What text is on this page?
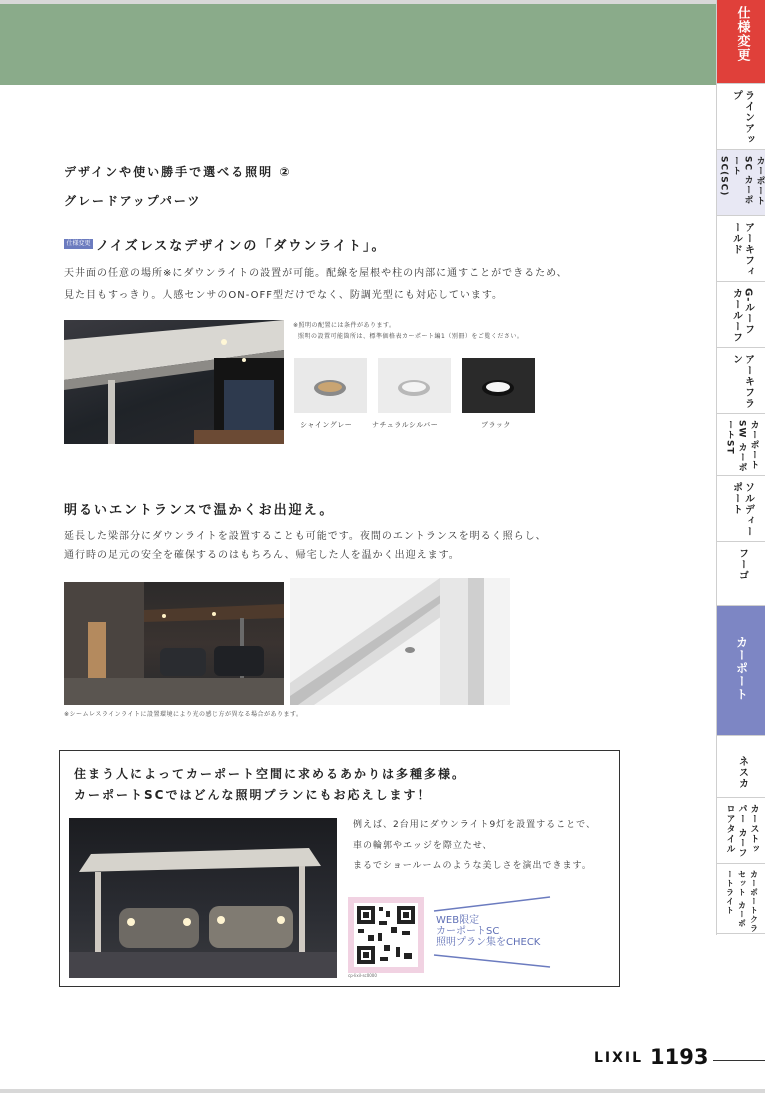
仕様変更
ラインアップ
カーポートSC カーポートSC(SC)
アーキフィールド
G-ルーフ カールーフ
アーキフラン
カーポートSW カーポートST
ソルディーポート
フーゴ
カーポート
ネスカ
カーストッパー カーフロアタイル
カーポートクラセット カーポートライト
デザインや使い勝手で選べる照明 ②
グレードアップパーツ
仕様変更 ノイズレスなデザインの「ダウンライト」。
天井面の任意の場所※にダウンライトの設置が可能。配線を屋根や柱の内部に通すことができるため、
見た目もすっきり。人感センサのON-OFF型だけでなく、防調光型にも対応しています。
※照明の配置には条件があります。
照明の設置可能箇所は、標準価格表カーポート編1（別冊）をご覧ください。
シャイングレー	ナチュラルシルバー	ブラック
明るいエントランスで温かくお出迎え。
延長した梁部分にダウンライトを設置することも可能です。夜間のエントランスを明るく照らし、
通行時の足元の安全を確保するのはもちろん、帰宅した人を温かく出迎えます。
※シームレスラインライトに設置環境により光の感じ方が異なる場合があります。
住まう人によってカーポート空間に求めるあかりは多種多様。
カーポートSCではどんな照明プランにもお応えします！
例えば、2台用にダウンライト9灯を設置することで、
車の輪郭やエッジを際立たせ、
まるでショールームのような美しさを演出できます。
cp-lixil-sc0000
WEB限定
カーポートSC
照明プラン集をCHECK
LIXIL 1193
